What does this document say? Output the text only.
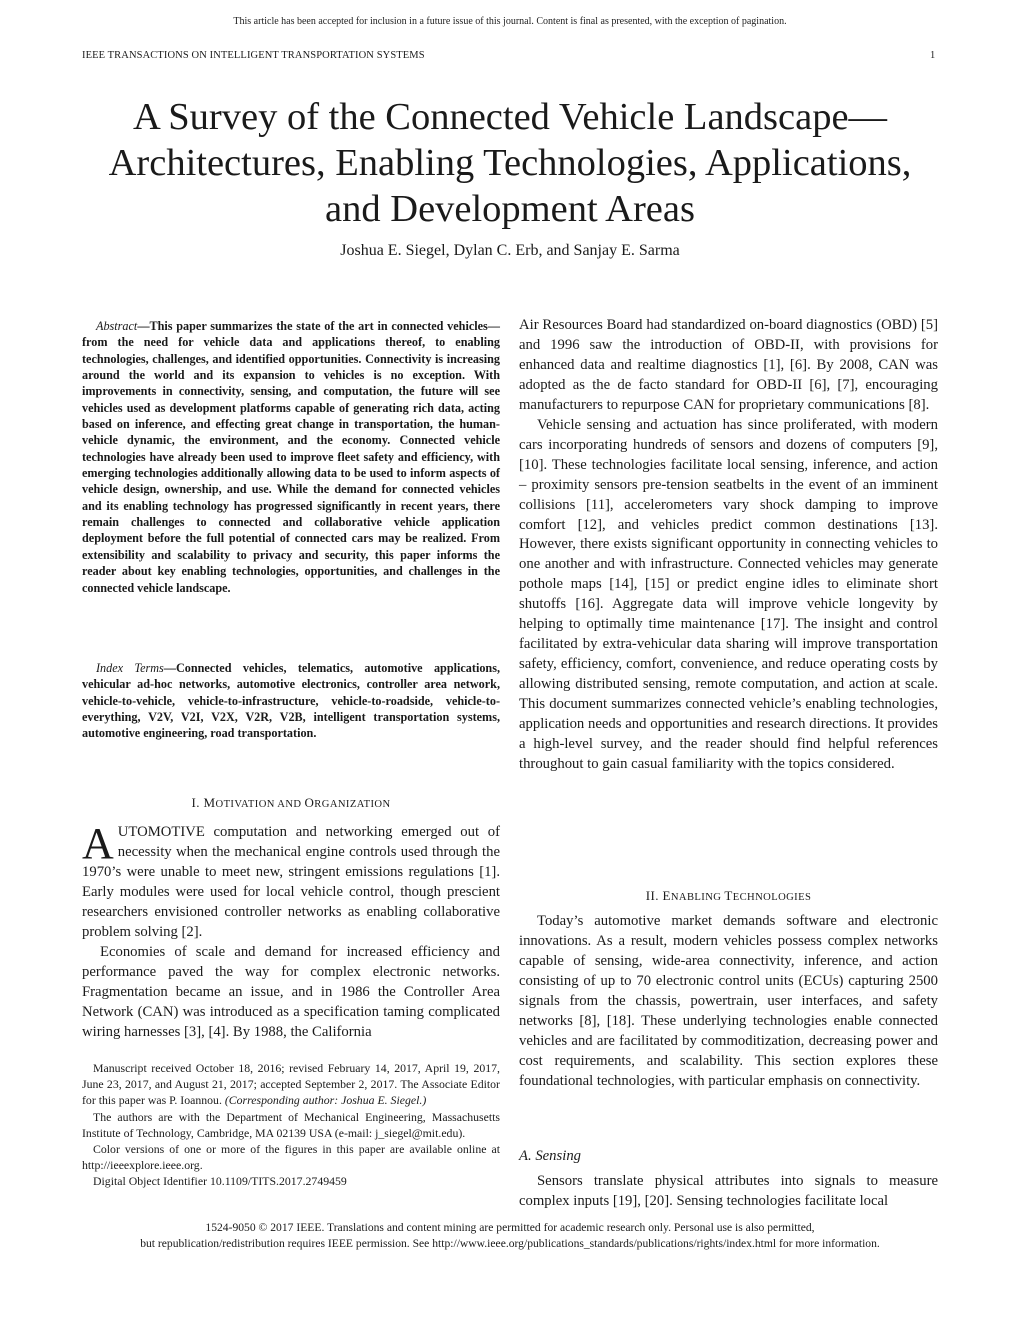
This article has been accepted for inclusion in a future issue of this journal. Content is final as presented, with the exception of pagination.
IEEE TRANSACTIONS ON INTELLIGENT TRANSPORTATION SYSTEMS	1
A Survey of the Connected Vehicle Landscape—
Architectures, Enabling Technologies, Applications,
and Development Areas
Joshua E. Siegel, Dylan C. Erb, and Sanjay E. Sarma

Abstract—This paper summarizes the state of the art in connected vehicles—from the need for vehicle data and applications thereof, to enabling technologies, challenges, and identified opportunities. Connectivity is increasing around the world and its expansion to vehicles is no exception. With improvements in connectivity, sensing, and computation, the future will see vehicles used as development platforms capable of generating rich data, acting based on inference, and effecting great change in transportation, the human-vehicle dynamic, the environment, and the economy. Connected vehicle technologies have already been used to improve fleet safety and efficiency, with emerging technologies additionally allowing data to be used to inform aspects of vehicle design, ownership, and use. While the demand for connected vehicles and its enabling technology has progressed significantly in recent years, there remain challenges to connected and collaborative vehicle application deployment before the full potential of connected cars may be realized. From extensibility and scalability to privacy and security, this paper informs the reader about key enabling technologies, opportunities, and challenges in the connected vehicle landscape.

Index Terms—Connected vehicles, telematics, automotive applications, vehicular ad-hoc networks, automotive electronics, controller area network, vehicle-to-vehicle, vehicle-to-infrastructure, vehicle-to-roadside, vehicle-to-everything, V2V, V2I, V2X, V2R, V2B, intelligent transportation systems, automotive engineering, road transportation.

I. MOTIVATION AND ORGANIZATION

AUTOMOTIVE computation and networking emerged out of necessity when the mechanical engine controls used through the 1970’s were unable to meet new, stringent emissions regulations [1]. Early modules were used for local vehicle control, though prescient researchers envisioned controller networks as enabling collaborative problem solving [2].

Economies of scale and demand for increased efficiency and performance paved the way for complex electronic networks. Fragmentation became an issue, and in 1986 the Controller Area Network (CAN) was introduced as a specification taming complicated wiring harnesses [3], [4]. By 1988, the California

Manuscript received October 18, 2016; revised February 14, 2017, April 19, 2017, June 23, 2017, and August 21, 2017; accepted September 2, 2017. The Associate Editor for this paper was P. Ioannou. (Corresponding author: Joshua E. Siegel.)

The authors are with the Department of Mechanical Engineering, Massachusetts Institute of Technology, Cambridge, MA 02139 USA (e-mail: j_siegel@mit.edu).

Color versions of one or more of the figures in this paper are available online at http://ieeexplore.ieee.org.

Digital Object Identifier 10.1109/TITS.2017.2749459

Air Resources Board had standardized on-board diagnostics (OBD) [5] and 1996 saw the introduction of OBD-II, with provisions for enhanced data and realtime diagnostics [1], [6]. By 2008, CAN was adopted as the de facto standard for OBD-II [6], [7], encouraging manufacturers to repurpose CAN for proprietary communications [8].

Vehicle sensing and actuation has since proliferated, with modern cars incorporating hundreds of sensors and dozens of computers [9], [10]. These technologies facilitate local sensing, inference, and action – proximity sensors pre-tension seatbelts in the event of an imminent collisions [11], accelerometers vary shock damping to improve comfort [12], and vehicles predict common destinations [13]. However, there exists significant opportunity in connecting vehicles to one another and with infrastructure. Connected vehicles may generate pothole maps [14], [15] or predict engine idles to eliminate short shutoffs [16]. Aggregate data will improve vehicle longevity by helping to optimally time maintenance [17]. The insight and control facilitated by extra-vehicular data sharing will improve transportation safety, efficiency, comfort, convenience, and reduce operating costs by allowing distributed sensing, remote computation, and action at scale. This document summarizes connected vehicle’s enabling technologies, application needs and opportunities and research directions. It provides a high-level survey, and the reader should find helpful references throughout to gain casual familiarity with the topics considered.

II. ENABLING TECHNOLOGIES

Today’s automotive market demands software and electronic innovations. As a result, modern vehicles possess complex networks capable of sensing, wide-area connectivity, inference, and action consisting of up to 70 electronic control units (ECUs) capturing 2500 signals from the chassis, powertrain, user interfaces, and safety networks [8], [18]. These underlying technologies enable connected vehicles and are facilitated by commoditization, decreasing power and cost requirements, and scalability. This section explores these foundational technologies, with particular emphasis on connectivity.

A. Sensing

Sensors translate physical attributes into signals to measure complex inputs [19], [20]. Sensing technologies facilitate local

1524-9050 © 2017 IEEE. Translations and content mining are permitted for academic research only. Personal use is also permitted,
but republication/redistribution requires IEEE permission. See http://www.ieee.org/publications_standards/publications/rights/index.html for more information.
